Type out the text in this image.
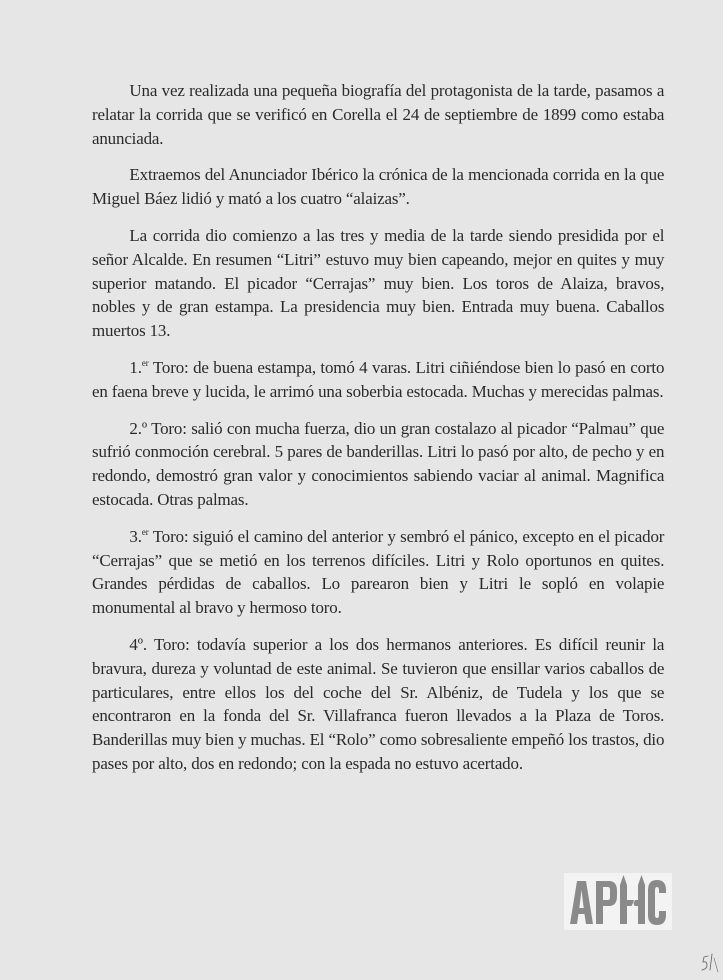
Una vez realizada una pequeña biografía del protagonista de la tarde, pasamos a relatar la corrida que se verificó en Corella el 24 de septiembre de 1899 como estaba anunciada.

Extraemos del Anunciador Ibérico la crónica de la mencionada corrida en la que Miguel Báez lidió y mató a los cuatro “alaizas”.

La corrida dio comienzo a las tres y media de la tarde siendo presidida por el señor Alcalde. En resumen “Litri” estuvo muy bien capeando, mejor en quites y muy superior matando. El picador “Cerrajas” muy bien. Los toros de Alaiza, bravos, nobles y de gran estampa. La presidencia muy bien. Entrada muy buena. Caballos muertos 13.

1.$^{er}$ Toro: de buena estampa, tomó 4 varas. Litri ciñiéndose bien lo pasó en corto en faena breve y lucida, le arrimó una soberbia estocada. Muchas y merecidas palmas.

2.º Toro: salió con mucha fuerza, dio un gran costalazo al picador “Palmau” que sufrió conmoción cerebral. 5 pares de banderillas. Litri lo pasó por alto, de pecho y en redondo, demostró gran valor y conocimientos sabiendo vaciar al animal. Magnifica estocada. Otras palmas.

3.$^{er}$ Toro: siguió el camino del anterior y sembró el pánico, excepto en el picador “Cerrajas” que se metió en los terrenos difíciles. Litri y Rolo oportunos en quites. Grandes pérdidas de caballos. Lo parearon bien y Litri le sopló en volapie monumental al bravo y hermoso toro.

4º. Toro: todavía superior a los dos hermanos anteriores. Es difícil reunir la bravura, dureza y voluntad de este animal. Se tuvieron que ensillar varios caballos de particulares, entre ellos los del coche del Sr. Albéniz, de Tudela y los que se encontraron en la fonda del Sr. Villafranca fueron llevados a la Plaza de Toros. Banderillas muy bien y muchas. El “Rolo” como sobresaliente empeñó los trastos, dio pases por alto, dos en redondo; con la espada no estuvo acertado.
